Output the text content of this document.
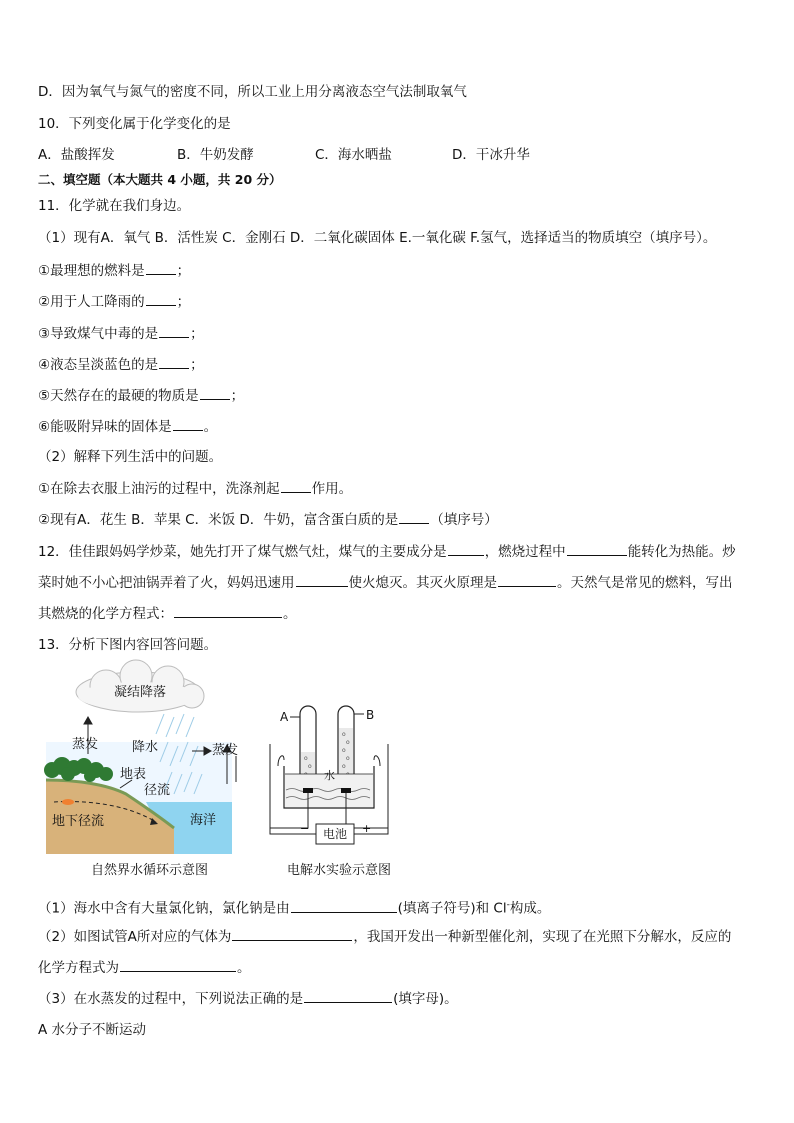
D．因为氧气与氮气的密度不同，所以工业上用分离液态空气法制取氧气
10．下列变化属于化学变化的是
A．盐酸挥发	B．牛奶发酵	C．海水晒盐	D．干冰升华
二、填空题（本大题共 4 小题，共 20 分）
11．化学就在我们身边。
（1）现有A．氧气 B．活性炭 C．金刚石 D．二氧化碳固体 E.一氧化碳 F.氢气，选择适当的物质填空（填序号）。
①最理想的燃料是 ；
②用于人工降雨的 ；
③导致煤气中毒的是 ；
④液态呈淡蓝色的是 ；
⑤天然存在的最硬的物质是 ；
⑥能吸附异味的固体是 。
（2）解释下列生活中的问题。
①在除去衣服上油污的过程中，洗涤剂起 作用。
②现有A．花生 B．苹果 C．米饭 D．牛奶，富含蛋白质的是 （填序号）
12．佳佳跟妈妈学炒菜，她先打开了煤气燃气灶，煤气的主要成分是	，燃烧过程中	能转化为热能。炒
菜时她不小心把油锅弄着了火，妈妈迅速用	使火熄灭。其灭火原理是	。天然气是常见的燃料，写出
其燃烧的化学方程式：	。
13．分析下图内容回答问题。
凝结降落
蒸发	降水	蒸发
地表
径流
地下径流	海洋
自然界水循环示意图
o
o
o
o
o
o
o
电池
−	+
A	B
水
电解水实验示意图
（1）海水中含有大量氯化钠，氯化钠是由	(填离子符号)和 Cl-构成。
（2）如图试管A所对应的气体为	，我国开发出一种新型催化剂，实现了在光照下分解水，反应的
化学方程式为	。
（3）在水蒸发的过程中，下列说法正确的是	(填字母)。
A 水分子不断运动
